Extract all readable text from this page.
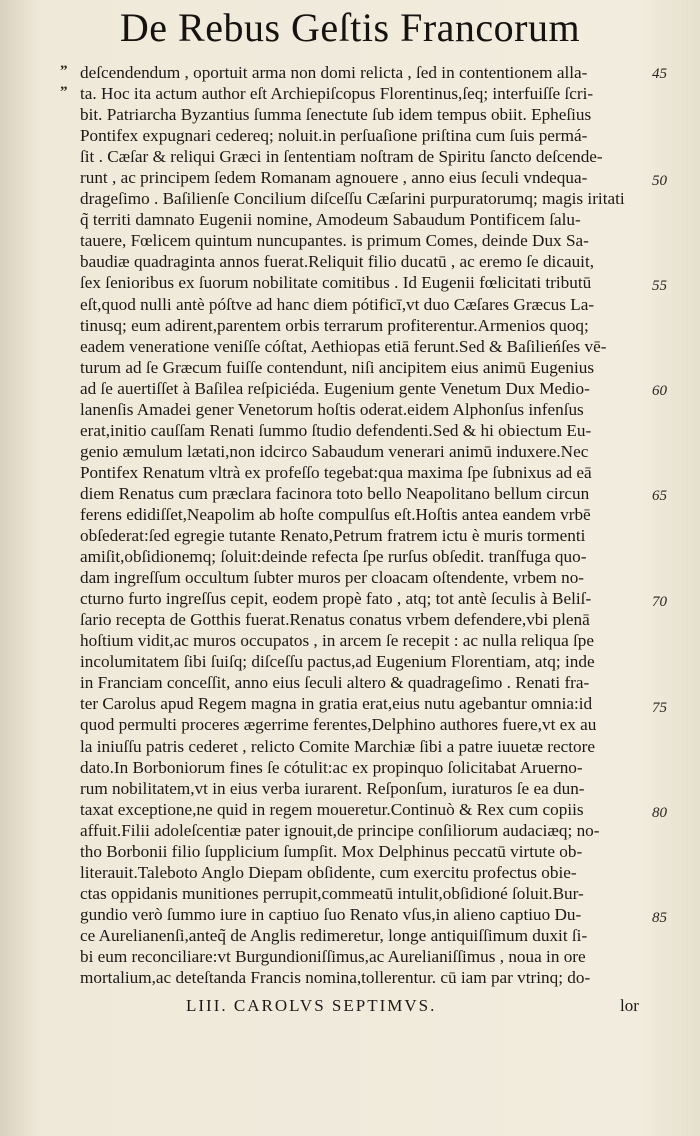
De Rebus Geſtis Francorum
”
”
deſcendendum , oportuit arma non domi relicta , ſed in contentionem alla-
ta. Hoc ita actum author eſt Archiepiſcopus Florentinus,ſeq; interfuiſſe ſcri-
bit. Patriarcha Byzantius ſumma ſenectute ſub idem tempus obiit. Epheſius
Pontifex expugnari cedereq; noluit.in perſuaſione priſtina cum ſuis permá-
ſit . Cæſar & reliqui Græci in ſententiam noſtram de Spiritu ſancto deſcende-
runt , ac principem ſedem Romanam agnouere , anno eius ſeculi vndequa-
drageſimo . Baſilienſe Concilium diſceſſu Cæſarini purpuratorumq; magis iritati
q̃ territi damnato Eugenii nomine, Amodeum Sabaudum Pontificem ſalu-
tauere, Fœlicem quintum nuncupantes. is primum Comes, deinde Dux Sa-
baudiæ quadraginta annos fuerat.Reliquit filio ducatū , ac eremo ſe dicauit,
ſex ſenioribus ex ſuorum nobilitate comitibus . Id Eugenii fœlicitati tributū
eſt,quod nulli antè póſtve ad hanc diem pótificī,vt duo Cæſares Græcus La-
tinusq; eum adirent,parentem orbis terrarum profiterentur.Armenios quoq;
eadem veneratione veniſſe cóſtat, Aethiopas etiā ferunt.Sed & Baſilieńſes vē-
turum ad ſe Græcum fuiſſe contendunt, niſi ancipitem eius animū Eugenius
ad ſe auertiſſet à Baſilea reſpiciéda. Eugenium gente Venetum Dux Medio-
lanenſis Amadei gener Venetorum hoſtis oderat.eidem Alphonſus infenſus
erat,initio cauſſam Renati ſummo ſtudio defendenti.Sed & hi obiectum Eu-
genio æmulum lætati,non idcirco Sabaudum venerari animū induxere.Nec
Pontifex Renatum vltrà ex profeſſo tegebat:qua maxima ſpe ſubnixus ad eā
diem Renatus cum præclara facinora toto bello Neapolitano bellum circun
ferens edidiſſet,Neapolim ab hoſte compulſus eſt.Hoſtis antea eandem vrbē
obſederat:ſed egregie tutante Renato,Petrum fratrem ictu è muris tormenti
amiſit,obſidionemq; ſoluit:deinde refecta ſpe rurſus obſedit. tranſfuga quo-
dam ingreſſum occultum ſubter muros per cloacam oſtendente, vrbem no-
cturno furto ingreſſus cepit, eodem propè fato , atq; tot antè ſeculis à Beliſ-
ſario recepta de Gotthis fuerat.Renatus conatus vrbem defendere,vbi plenā
hoſtium vidit,ac muros occupatos , in arcem ſe recepit : ac nulla reliqua ſpe
incolumitatem ſibi ſuiſq; diſceſſu pactus,ad Eugenium Florentiam, atq; inde
in Franciam conceſſit, anno eius ſeculi altero & quadrageſimo . Renati fra-
ter Carolus apud Regem magna in gratia erat,eius nutu agebantur omnia:id
quod permulti proceres ægerrime ferentes,Delphino authores fuere,vt ex au
la iniuſſu patris cederet , relicto Comite Marchiæ ſibi a patre iuuetæ rectore
dato.In Borboniorum fines ſe cótulit:ac ex propinquo ſolicitabat Aruerno-
rum nobilitatem,vt in eius verba iurarent. Reſponſum, iuraturos ſe ea dun-
taxat exceptione,ne quid in regem moueretur.Continuò & Rex cum copiis
affuit.Filii adoleſcentiæ pater ignouit,de principe conſiliorum audaciæq; no-
tho Borbonii filio ſupplicium ſumpſit. Mox Delphinus peccatū virtute ob-
literauit.Taleboto Anglo Diepam obſidente, cum exercitu profectus obie-
ctas oppidanis munitiones perrupit,commeatū intulit,obſidioné ſoluit.Bur-
gundio verò ſummo iure in captiuo ſuo Renato vſus,in alieno captiuo Du-
ce Aurelianenſi,anteq̃ de Anglis redimeretur, longe antiquiſſimum duxit ſi-
bi eum reconciliare:vt Burgundioniſſimus,ac Aurelianiſſimus , noua in ore
mortalium,ac deteſtanda Francis nomina,tollerentur. cū iam par vtrinq; do-
45
50
55
60
65
70
75
80
85
LIII. CAROLVS SEPTIMVS.	lor
